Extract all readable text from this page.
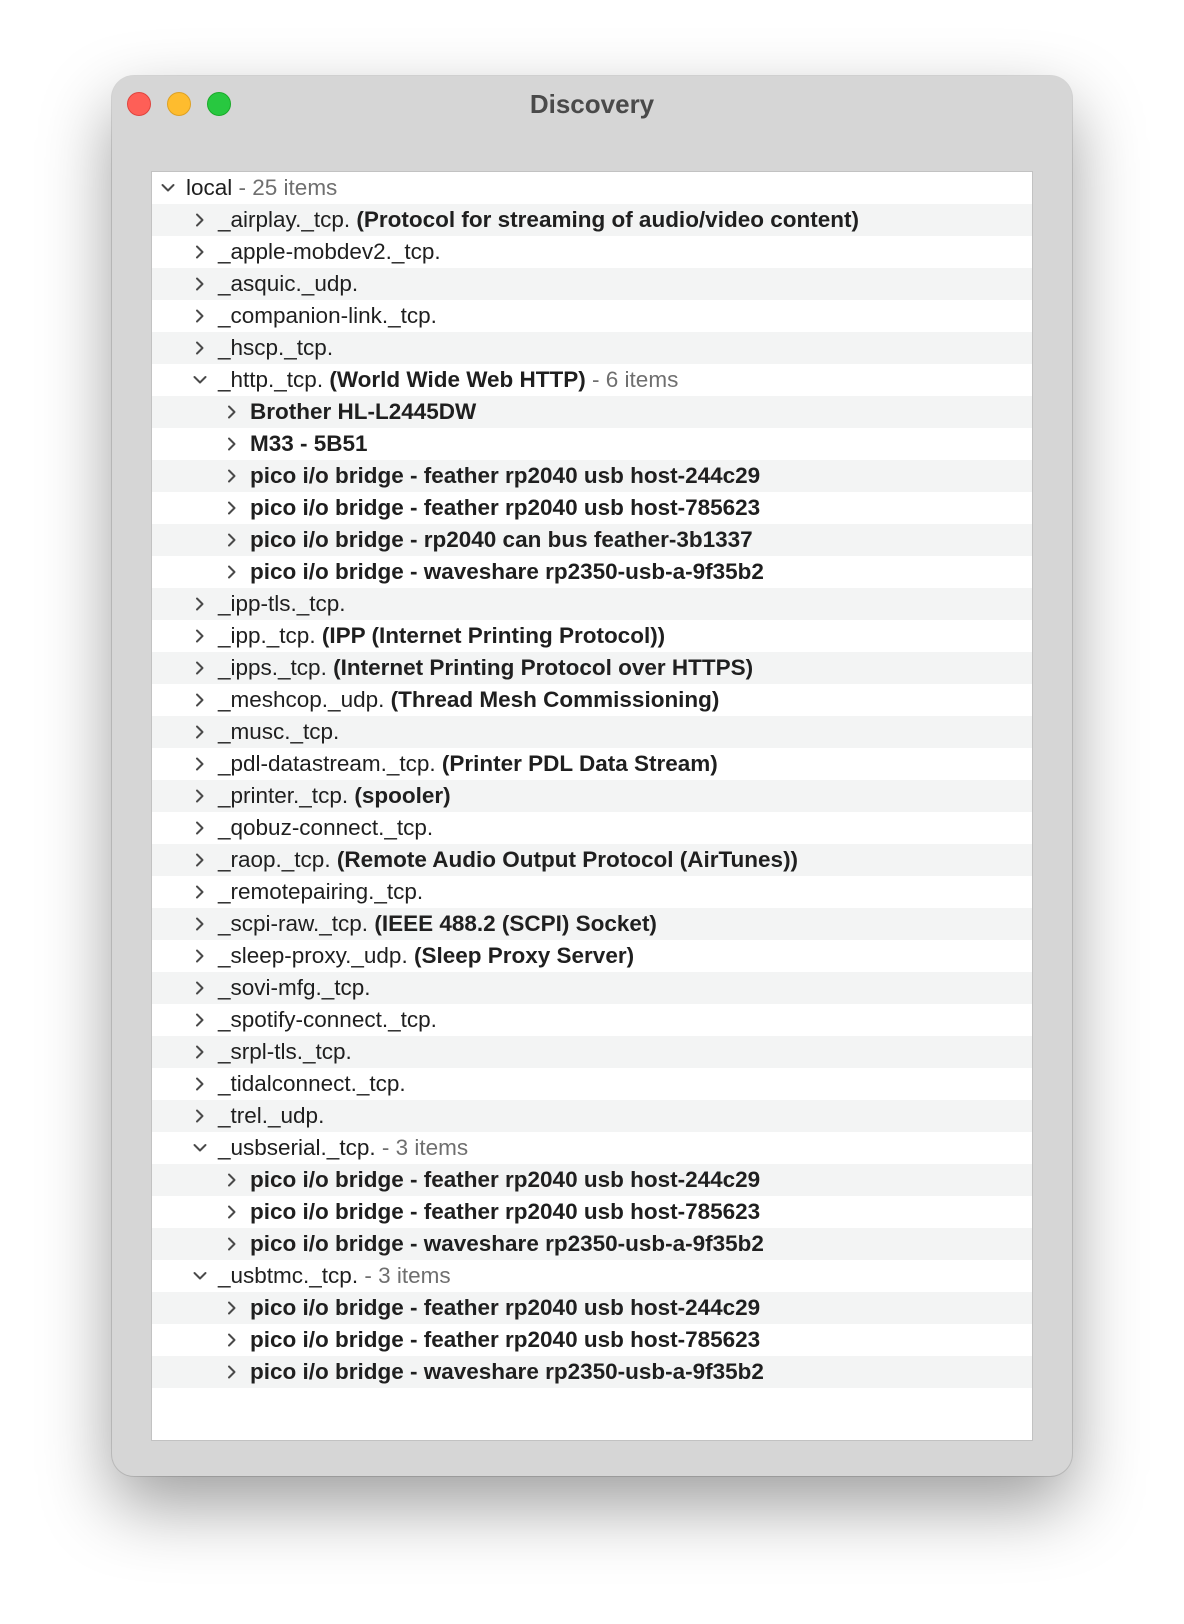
Discovery
local - 25 items
_airplay._tcp. (Protocol for streaming of audio/video content)
_apple-mobdev2._tcp.
_asquic._udp.
_companion-link._tcp.
_hscp._tcp.
_http._tcp. (World Wide Web HTTP) - 6 items
Brother HL-L2445DW
M33 - 5B51
pico i/o bridge - feather rp2040 usb host-244c29
pico i/o bridge - feather rp2040 usb host-785623
pico i/o bridge - rp2040 can bus feather-3b1337
pico i/o bridge - waveshare rp2350-usb-a-9f35b2
_ipp-tls._tcp.
_ipp._tcp. (IPP (Internet Printing Protocol))
_ipps._tcp. (Internet Printing Protocol over HTTPS)
_meshcop._udp. (Thread Mesh Commissioning)
_musc._tcp.
_pdl-datastream._tcp. (Printer PDL Data Stream)
_printer._tcp. (spooler)
_qobuz-connect._tcp.
_raop._tcp. (Remote Audio Output Protocol (AirTunes))
_remotepairing._tcp.
_scpi-raw._tcp. (IEEE 488.2 (SCPI) Socket)
_sleep-proxy._udp. (Sleep Proxy Server)
_sovi-mfg._tcp.
_spotify-connect._tcp.
_srpl-tls._tcp.
_tidalconnect._tcp.
_trel._udp.
_usbserial._tcp. - 3 items
pico i/o bridge - feather rp2040 usb host-244c29
pico i/o bridge - feather rp2040 usb host-785623
pico i/o bridge - waveshare rp2350-usb-a-9f35b2
_usbtmc._tcp. - 3 items
pico i/o bridge - feather rp2040 usb host-244c29
pico i/o bridge - feather rp2040 usb host-785623
pico i/o bridge - waveshare rp2350-usb-a-9f35b2
